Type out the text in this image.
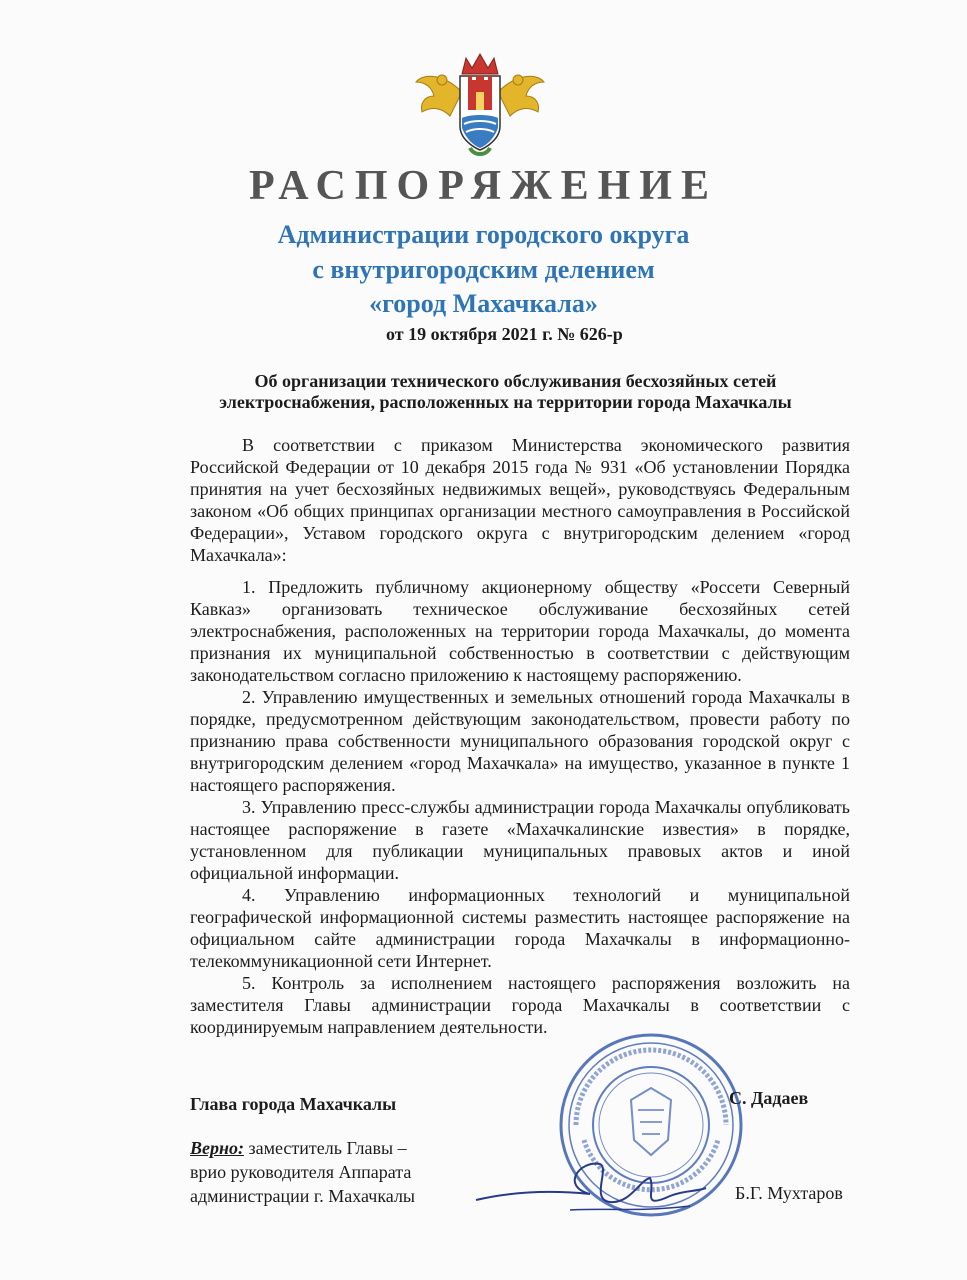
РАСПОРЯЖЕНИЕ
Администрации городского округа
с внутригородским делением
«город Махачкала»
от 19 октября 2021 г. № 626-р
Об организации технического обслуживания бесхозяйных сетей
электроснабжения, расположенных на территории города Махачкалы

В соответствии с приказом Министерства экономического развития Российской Федерации от 10 декабря 2015 года № 931 «Об установлении Порядка принятия на учет бесхозяйных недвижимых вещей», руководствуясь Федеральным законом «Об общих принципах организации местного самоуправления в Российской Федерации», Уставом городского округа с внутригородским делением «город Махачкала»:

1. Предложить публичному акционерному обществу «Россети Северный Кавказ» организовать техническое обслуживание бесхозяйных сетей электроснабжения, расположенных на территории города Махачкалы, до момента признания их муниципальной собственностью в соответствии с действующим законодательством согласно приложению к настоящему распоряжению.

2. Управлению имущественных и земельных отношений города Махачкалы в порядке, предусмотренном действующим законодательством, провести работу по признанию права собственности муниципального образования городской округ с внутригородским делением «город Махачкала» на имущество, указанное в пункте 1 настоящего распоряжения.

3. Управлению пресс-службы администрации города Махачкалы опубликовать настоящее распоряжение в газете «Махачкалинские известия» в порядке, установленном для публикации муниципальных правовых актов и иной официальной информации.

4. Управлению информационных технологий и муниципальной географической информационной системы разместить настоящее распоряжение на официальном сайте администрации города Махачкалы в информационно-телекоммуникационной сети Интернет.

5. Контроль за исполнением настоящего распоряжения возложить на заместителя Главы администрации города Махачкалы в соответствии с координируемым направлением деятельности.

Глава города Махачкалы	С. Дадаев
Верно: заместитель Главы –
врио руководителя Аппарата
администрации г. Махачкалы	Б.Г. Мухтаров
